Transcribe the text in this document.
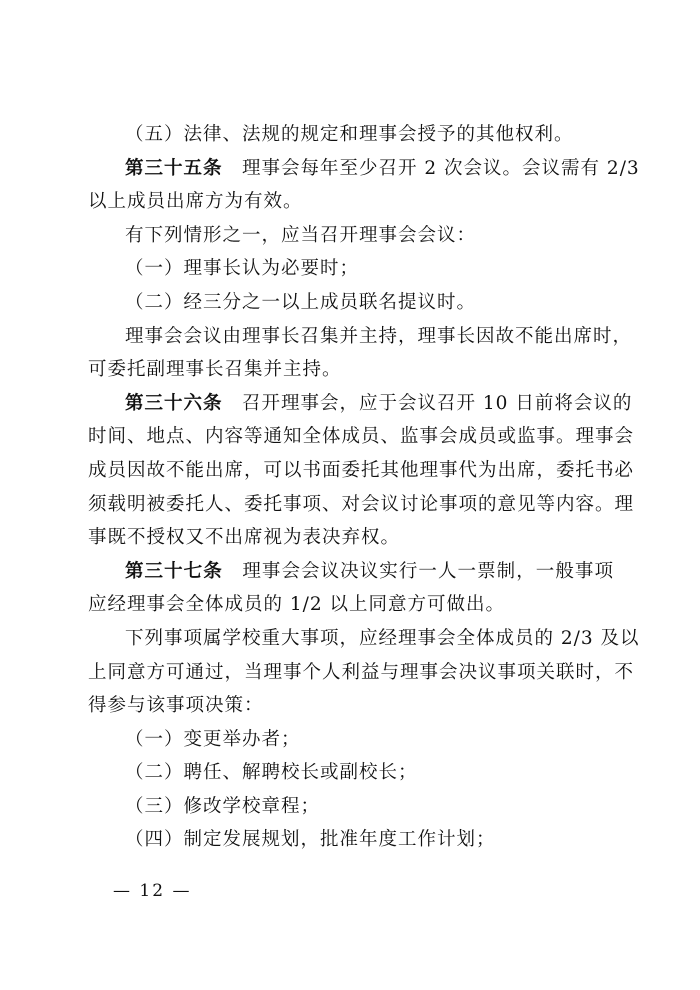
（五）法律、法规的规定和理事会授予的其他权利。

第三十五条　理事会每年至少召开 2 次会议。会议需有 2/3

以上成员出席方为有效。

有下列情形之一，应当召开理事会会议：

（一）理事长认为必要时；

（二）经三分之一以上成员联名提议时。

理事会会议由理事长召集并主持，理事长因故不能出席时，

可委托副理事长召集并主持。

第三十六条　召开理事会，应于会议召开 10 日前将会议的

时间、地点、内容等通知全体成员、监事会成员或监事。理事会

成员因故不能出席，可以书面委托其他理事代为出席，委托书必

须载明被委托人、委托事项、对会议讨论事项的意见等内容。理

事既不授权又不出席视为表决弃权。

第三十七条　理事会会议决议实行一人一票制，一般事项

应经理事会全体成员的 1/2 以上同意方可做出。

下列事项属学校重大事项，应经理事会全体成员的 2/3 及以

上同意方可通过，当理事个人利益与理事会决议事项关联时，不

得参与该事项决策：

（一）变更举办者；

（二）聘任、解聘校长或副校长；

（三）修改学校章程；

（四）制定发展规划，批准年度工作计划；

— 12 —
